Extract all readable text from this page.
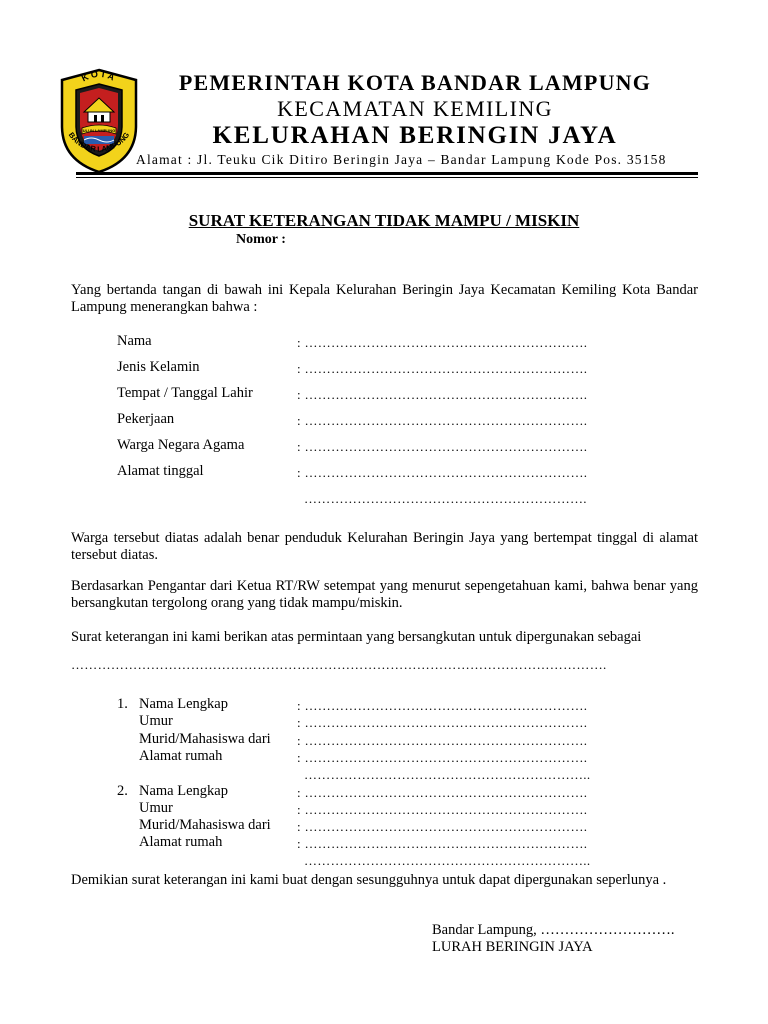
ULUN LAMPUNG
KOTA
BANDAR LAMPUNG
PEMERINTAH KOTA BANDAR LAMPUNG
KECAMATAN KEMILING
KELURAHAN BERINGIN JAYA
Alamat : Jl. Teuku Cik Ditiro Beringin Jaya – Bandar Lampung Kode Pos. 35158
SURAT KETERANGAN TIDAK MAMPU / MISKIN
Nomor :
Yang bertanda tangan di bawah ini Kepala Kelurahan Beringin Jaya Kecamatan Kemiling Kota Bandar Lampung menerangkan bahwa :
Nama	: ……………………………………………………….
Jenis Kelamin	: ……………………………………………………….
Tempat / Tanggal Lahir	: ……………………………………………………….
Pekerjaan	: ……………………………………………………….
Warga Negara Agama	: ……………………………………………………….
Alamat tinggal	: ……………………………………………………….
……………………………………………………….
Warga tersebut diatas adalah benar penduduk Kelurahan Beringin Jaya yang bertempat tinggal di alamat tersebut diatas.
Berdasarkan Pengantar dari Ketua RT/RW setempat yang menurut sepengetahuan kami, bahwa benar yang bersangkutan tergolong orang yang tidak mampu/miskin.
Surat keterangan ini kami berikan atas permintaan yang bersangkutan untuk dipergunakan sebagai
………………………………………………………………………………………………………….
1. Nama Lengkap	: ……………………………………………………….
Umur	: ……………………………………………………….
Murid/Mahasiswa dari : ……………………………………………………….
Alamat rumah	: ……………………………………………………….
………………………………………………………..
2. Nama Lengkap	: ……………………………………………………….
Umur	: ……………………………………………………….
Murid/Mahasiswa dari : ……………………………………………………….
Alamat rumah	: ……………………………………………………….
………………………………………………………..
Demikian surat keterangan ini kami buat dengan sesungguhnya untuk dapat dipergunakan seperlunya .
Bandar Lampung, ……………………….
LURAH BERINGIN JAYA
